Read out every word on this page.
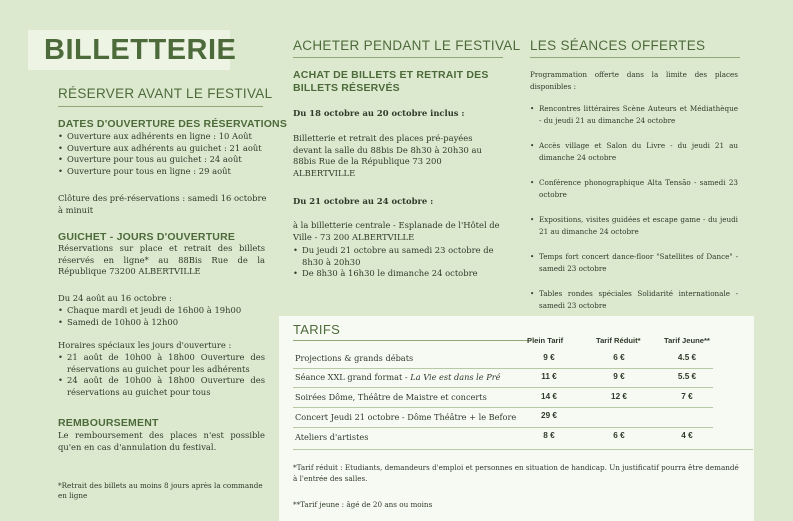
BILLETTERIE
RÉSERVER AVANT LE FESTIVAL
DATES D'OUVERTURE DES RÉSERVATIONS
• Ouverture aux adhérents en ligne : 10 Août
• Ouverture aux adhérents au guichet : 21 août
• Ouverture pour tous au guichet : 24 août
• Ouverture pour tous en ligne : 29 août
Clôture des pré-réservations : samedi 16 octobre à minuit
GUICHET - JOURS D'OUVERTURE
Réservations sur place et retrait des billets réservés en ligne* au 88Bis Rue de la République 73200 ALBERTVILLE
Du 24 août au 16 octobre :
• Chaque mardi et jeudi de 16h00 à 19h00
• Samedi de 10h00 à 12h00
Horaires spéciaux les jours d'ouverture :
• 21 août de 10h00 à 18h00 Ouverture des réservations au guichet pour les adhérents
• 24 août de 10h00 à 18h00 Ouverture des réservations au guichet pour tous
REMBOURSEMENT
Le remboursement des places n'est possible qu'en en cas d'annulation du festival.
*Retrait des billets au moins 8 jours après la commande en ligne
ACHETER PENDANT LE FESTIVAL
ACHAT DE BILLETS ET RETRAIT DES BILLETS RÉSERVÉS
Du 18 octobre au 20 octobre inclus :
Billetterie et retrait des places pré-payées devant la salle du 88bis De 8h30 à 20h30 au 88bis Rue de la République 73 200 ALBERTVILLE
Du 21 octobre au 24 octobre :
à la billetterie centrale - Esplanade de l'Hôtel de Ville - 73 200 ALBERTVILLE
• Du jeudi 21 octobre au samedi 23 octobre de 8h30 à 20h30
• De 8h30 à 16h30 le dimanche 24 octobre
LES SÉANCES OFFERTES
Programmation offerte dans la limite des places disponibles :
• Rencontres littéraires Scène Auteurs et Médiathèque - du jeudi 21 au dimanche 24 octobre
• Accès village et Salon du Livre - du jeudi 21 au dimanche 24 octobre
• Conférence phonographique Alta Tensão - samedi 23 octobre
• Expositions, visites guidées et escape game - du jeudi 21 au dimanche 24 octobre
• Temps fort concert dance-floor "Satellites of Dance" - samedi 23 octobre
• Tables rondes spéciales Solidarité internationale - samedi 23 octobre
TARIFS
Plein Tarif	Tarif Réduit*	Tarif Jeune**
Projections & grands débats	9 €	6 €	4.5 €
Séance XXL grand format - La Vie est dans le Pré	11 €	9 €	5.5 €
Soirées Dôme, Théâtre de Maistre et concerts	14 €	12 €	7 €
Concert Jeudi 21 octobre - Dôme Théâtre + le Before	29 €
Ateliers d'artistes	8 €	6 €	4 €
*Tarif réduit : Etudiants, demandeurs d'emploi et personnes en situation de handicap. Un justificatif pourra être demandé à l'entrée des salles.
**Tarif jeune : âgé de 20 ans ou moins
